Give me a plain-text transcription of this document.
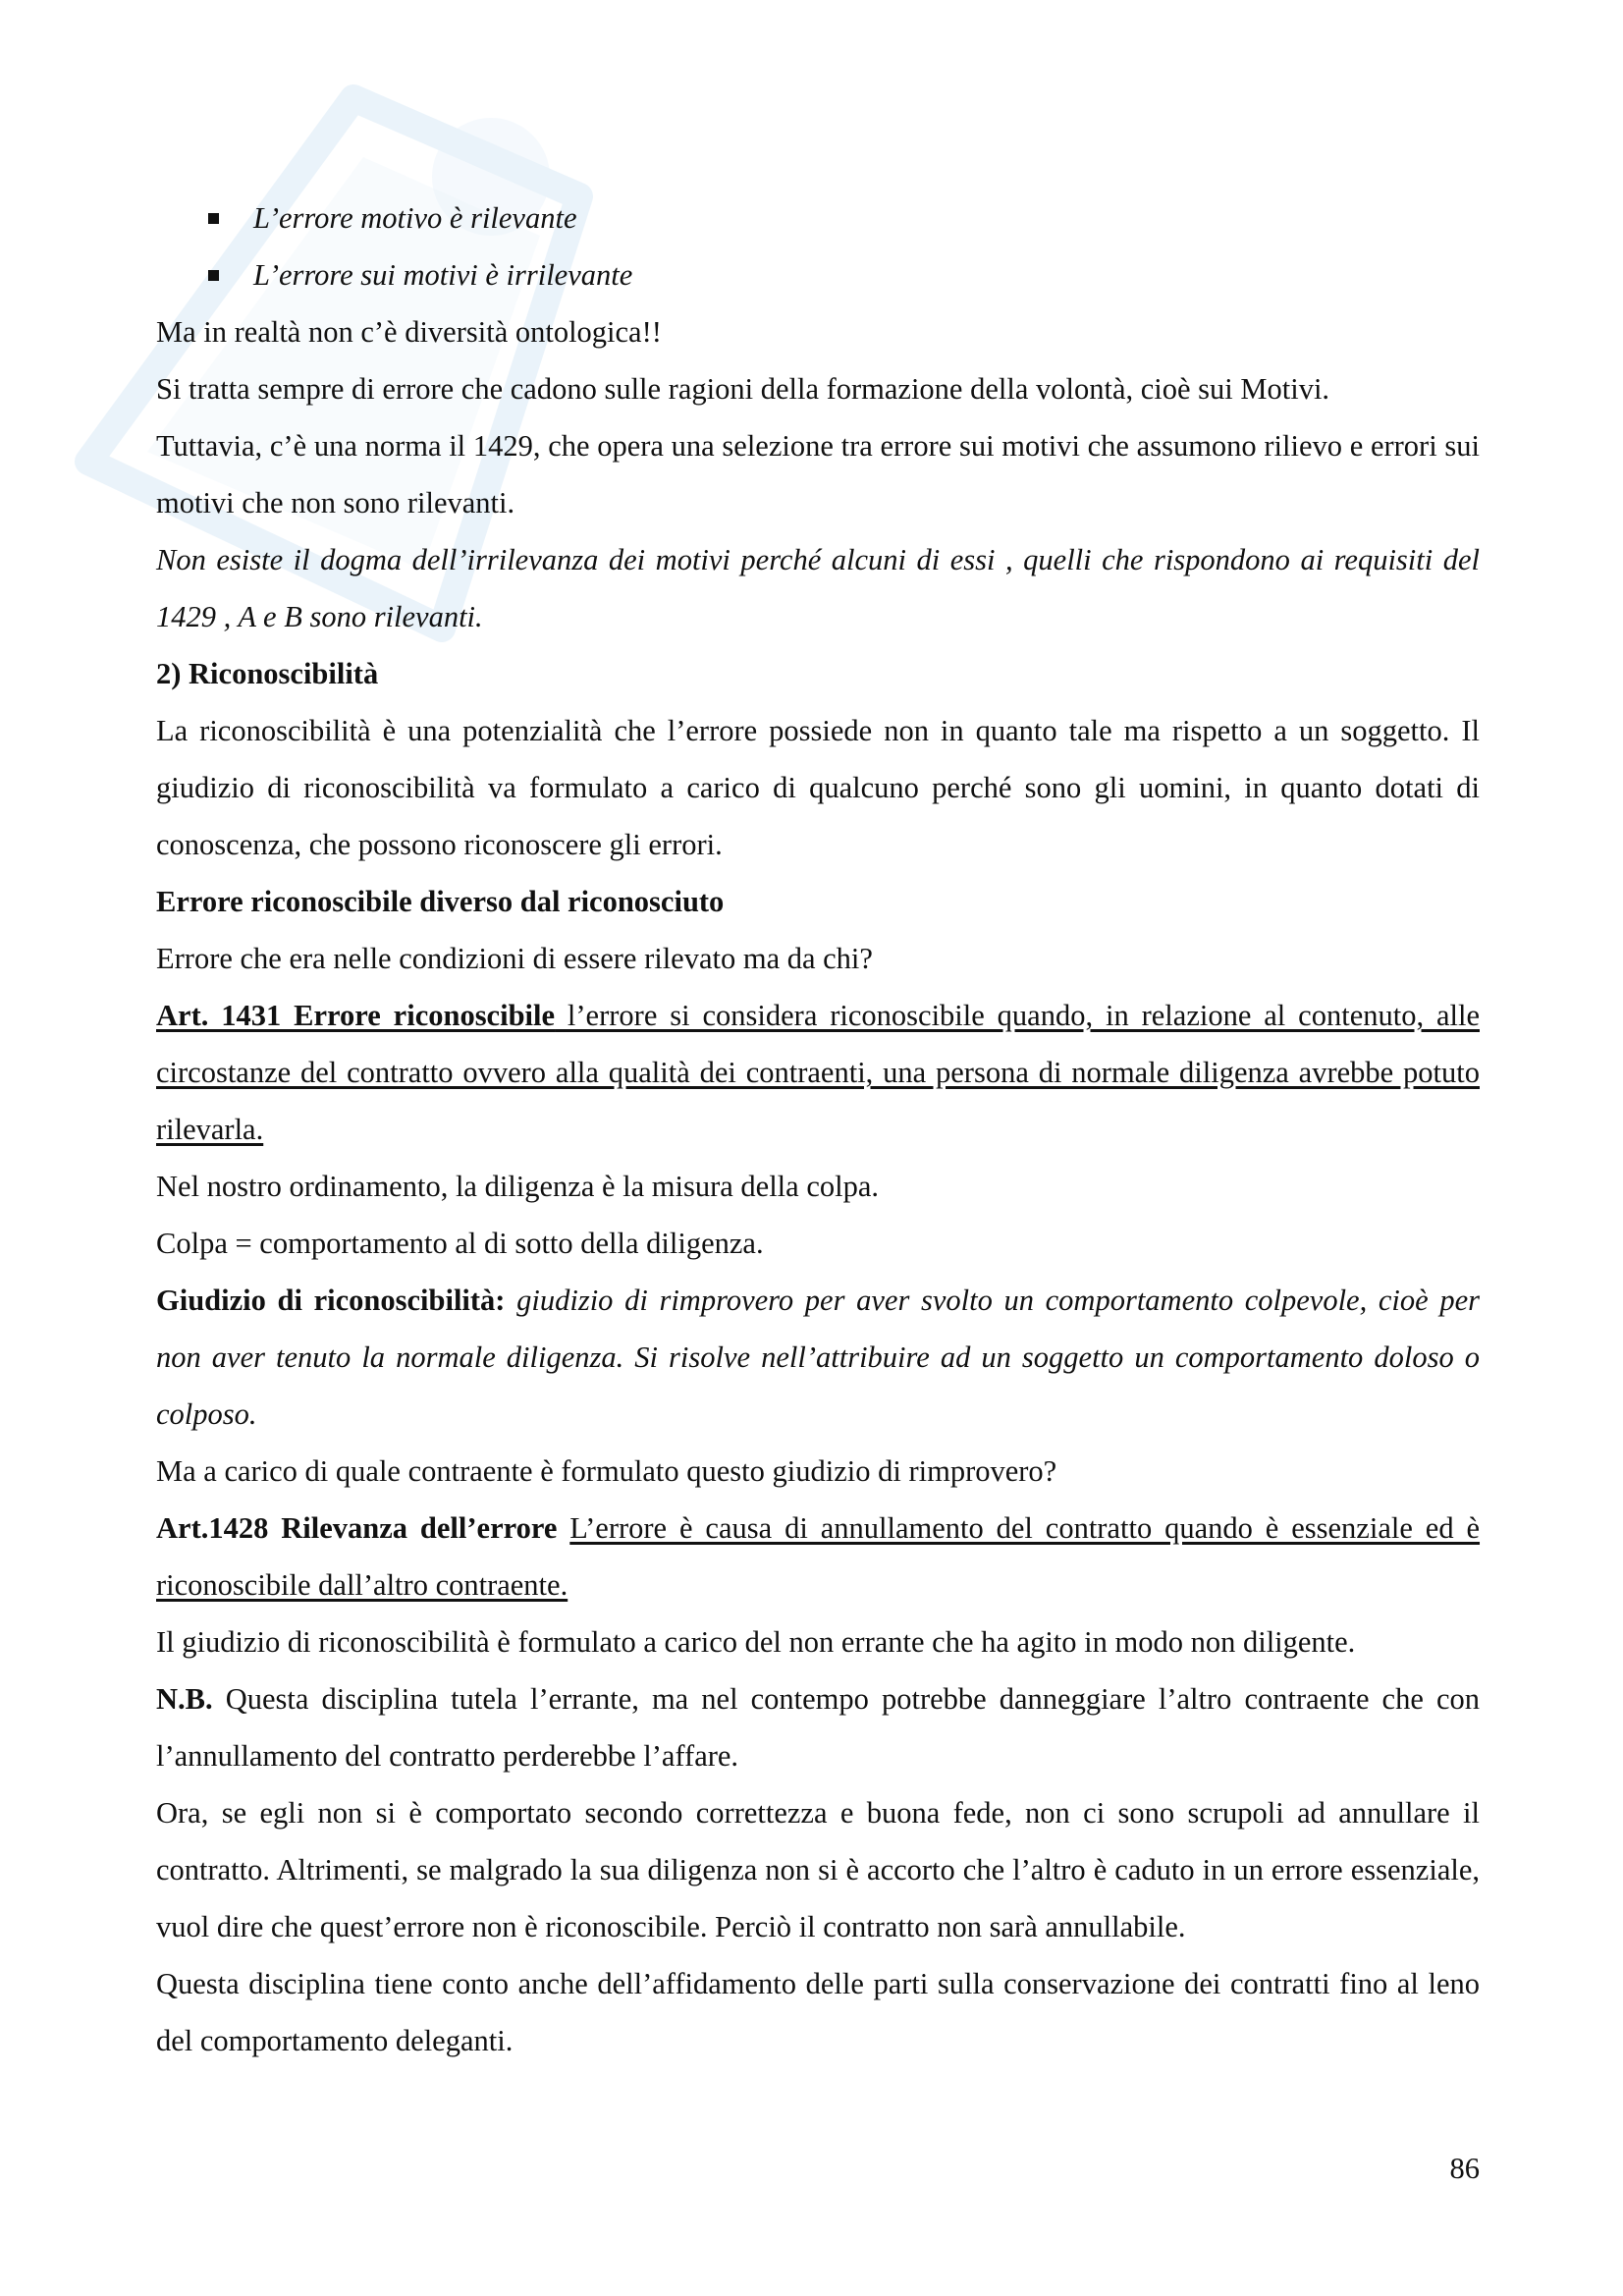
L’errore motivo è rilevante
L’errore sui motivi è irrilevante

Ma in realtà non c’è diversità ontologica!!

Si tratta sempre di errore che cadono sulle ragioni della formazione della volontà, cioè sui Motivi.

Tuttavia, c’è una norma il 1429, che opera una selezione tra errore sui motivi che assumono rilievo e errori sui motivi che non sono rilevanti.

Non esiste il dogma dell’irrilevanza dei motivi perché alcuni di essi , quelli che rispondono ai requisiti del 1429 , A e B sono rilevanti.

2) Riconoscibilità

La riconoscibilità è una potenzialità che l’errore possiede non in quanto tale ma rispetto a un soggetto. Il giudizio di riconoscibilità va formulato a carico di qualcuno perché sono gli uomini, in quanto dotati di conoscenza, che possono riconoscere gli errori.

Errore riconoscibile diverso dal riconosciuto

Errore che era nelle condizioni di essere rilevato ma da chi?

Art. 1431 Errore riconoscibile l’errore si considera riconoscibile quando, in relazione al contenuto, alle circostanze del contratto ovvero alla qualità dei contraenti, una persona di normale diligenza avrebbe potuto rilevarla.

Nel nostro ordinamento, la diligenza è la misura della colpa.

Colpa = comportamento al di sotto della diligenza.

Giudizio di riconoscibilità: giudizio di rimprovero per aver svolto un comportamento colpevole, cioè per non aver tenuto la normale diligenza. Si risolve nell’attribuire ad un soggetto un comportamento doloso o colposo.

Ma a carico di quale contraente è formulato questo giudizio di rimprovero?

Art.1428 Rilevanza dell’errore L’errore è causa di annullamento del contratto quando è essenziale ed è riconoscibile dall’altro contraente.

Il giudizio di riconoscibilità è formulato a carico del non errante che ha agito in modo non diligente.

N.B. Questa disciplina tutela l’errante, ma nel contempo potrebbe danneggiare l’altro contraente che con l’annullamento del contratto perderebbe l’affare.

Ora, se egli non si è comportato secondo correttezza e buona fede, non ci sono scrupoli ad annullare il contratto. Altrimenti, se malgrado la sua diligenza non si è accorto che l’altro è caduto in un errore essenziale, vuol dire che quest’errore non è riconoscibile. Perciò il contratto non sarà annullabile.

Questa disciplina tiene conto anche dell’affidamento delle parti sulla conservazione dei contratti fino al leno del comportamento deleganti.

86
